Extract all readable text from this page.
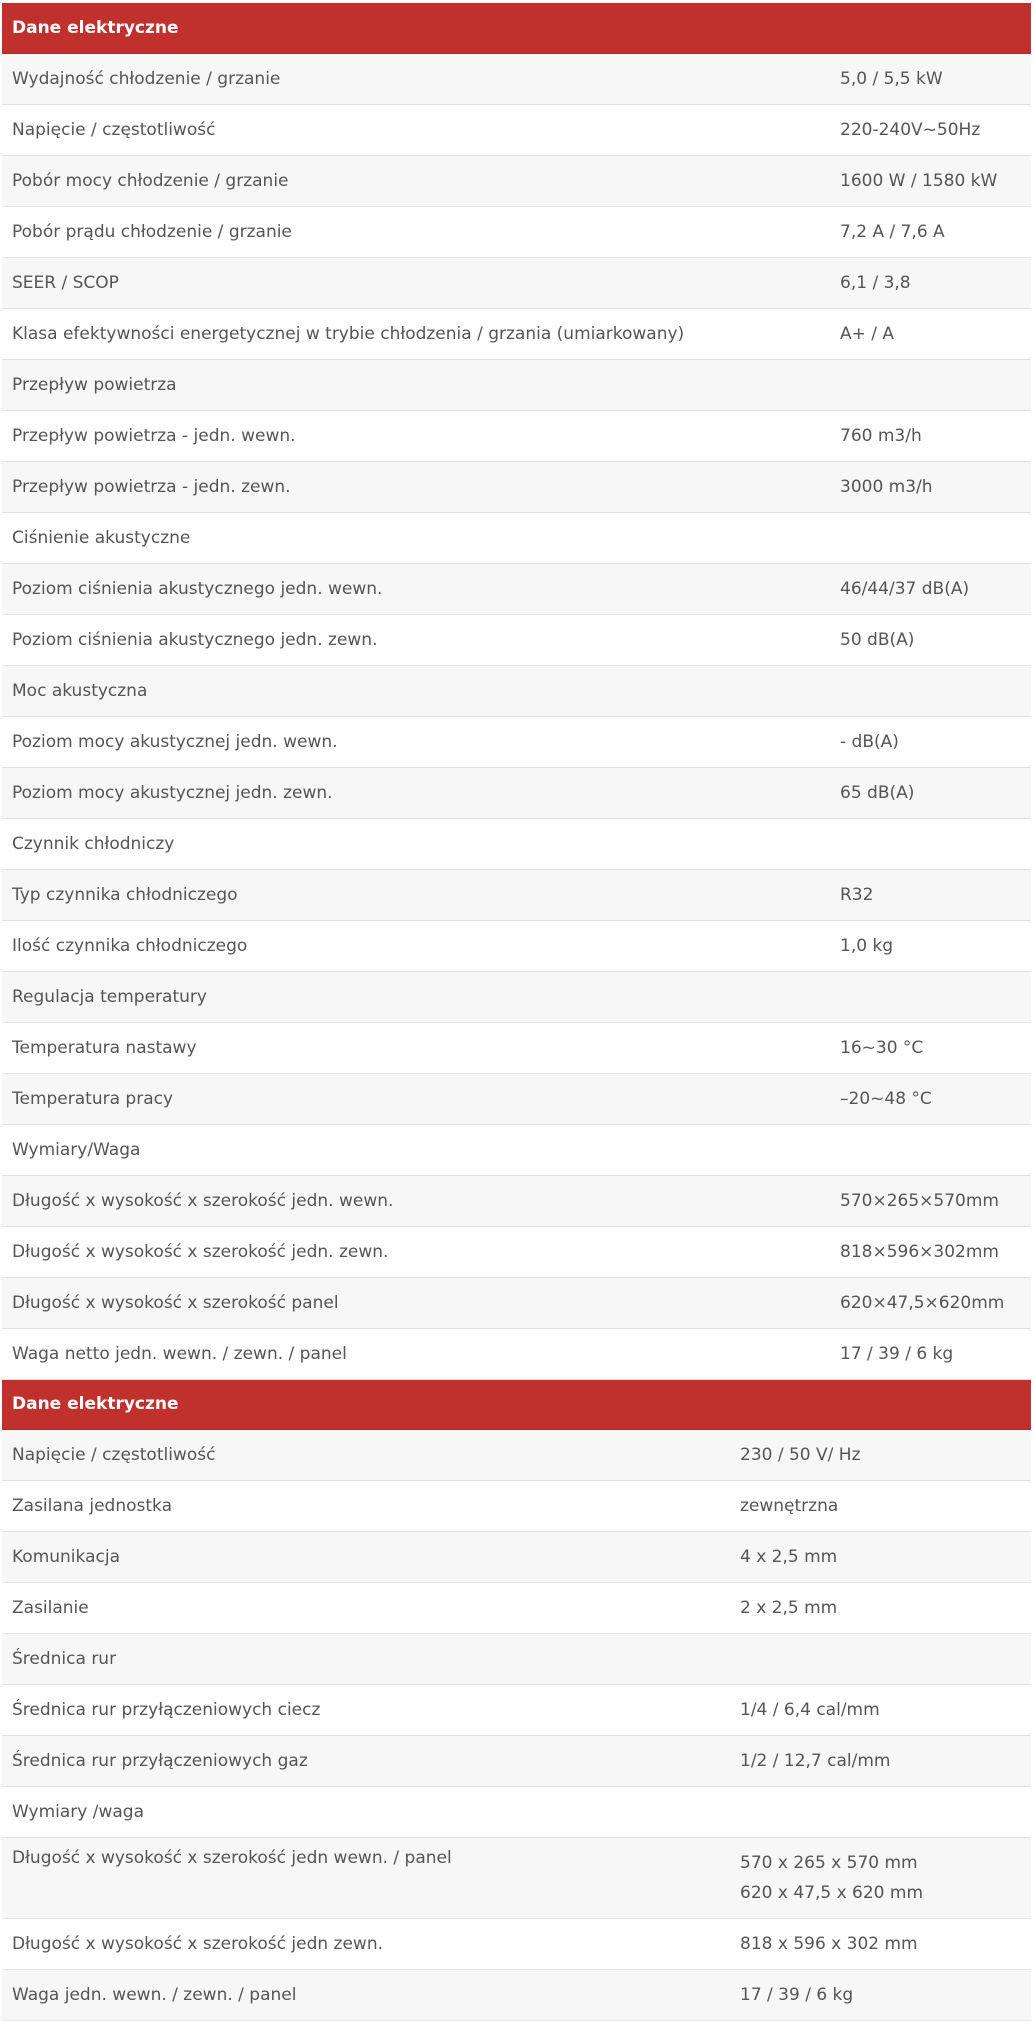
Dane elektryczne	
Wydajność chłodzenie / grzanie	5,0 / 5,5 kW
Napięcie / częstotliwość	220-240V~50Hz
Pobór mocy chłodzenie / grzanie	1600 W / 1580 kW
Pobór prądu chłodzenie / grzanie	7,2 A / 7,6 A
SEER / SCOP	6,1 / 3,8
Klasa efektywności energetycznej w trybie chłodzenia / grzania (umiarkowany)	A+ / A
Przepływ powietrza	
Przepływ powietrza - jedn. wewn.	760 m3/h
Przepływ powietrza - jedn. zewn.	3000 m3/h
Ciśnienie akustyczne	
Poziom ciśnienia akustycznego jedn. wewn.	46/44/37 dB(A)
Poziom ciśnienia akustycznego jedn. zewn.	50 dB(A)
Moc akustyczna	
Poziom mocy akustycznej jedn. wewn.	- dB(A)
Poziom mocy akustycznej jedn. zewn.	65 dB(A)
Czynnik chłodniczy	
Typ czynnika chłodniczego	R32
Ilość czynnika chłodniczego	1,0 kg
Regulacja temperatury	
Temperatura nastawy	16~30 °C
Temperatura pracy	–20~48 °C
Wymiary/Waga	
Długość x wysokość x szerokość jedn. wewn.	570×265×570mm
Długość x wysokość x szerokość jedn. zewn.	818×596×302mm
Długość x wysokość x szerokość panel	620×47,5×620mm
Waga netto jedn. wewn. / zewn. / panel	17 / 39 / 6 kg
Dane elektryczne	
Napięcie / częstotliwość	230 / 50 V/ Hz
Zasilana jednostka	zewnętrzna
Komunikacja	4 x 2,5 mm
Zasilanie	2 x 2,5 mm
Średnica rur	
Średnica rur przyłączeniowych ciecz	1/4 / 6,4 cal/mm
Średnica rur przyłączeniowych gaz	1/2 / 12,7 cal/mm
Wymiary /waga	
Długość x wysokość x szerokość jedn wewn. / panel	570 x 265 x 570 mm
620 x 47,5 x 620 mm

Długość x wysokość x szerokość jedn zewn.	818 x 596 x 302 mm
Waga jedn. wewn. / zewn. / panel	17 / 39 / 6 kg
